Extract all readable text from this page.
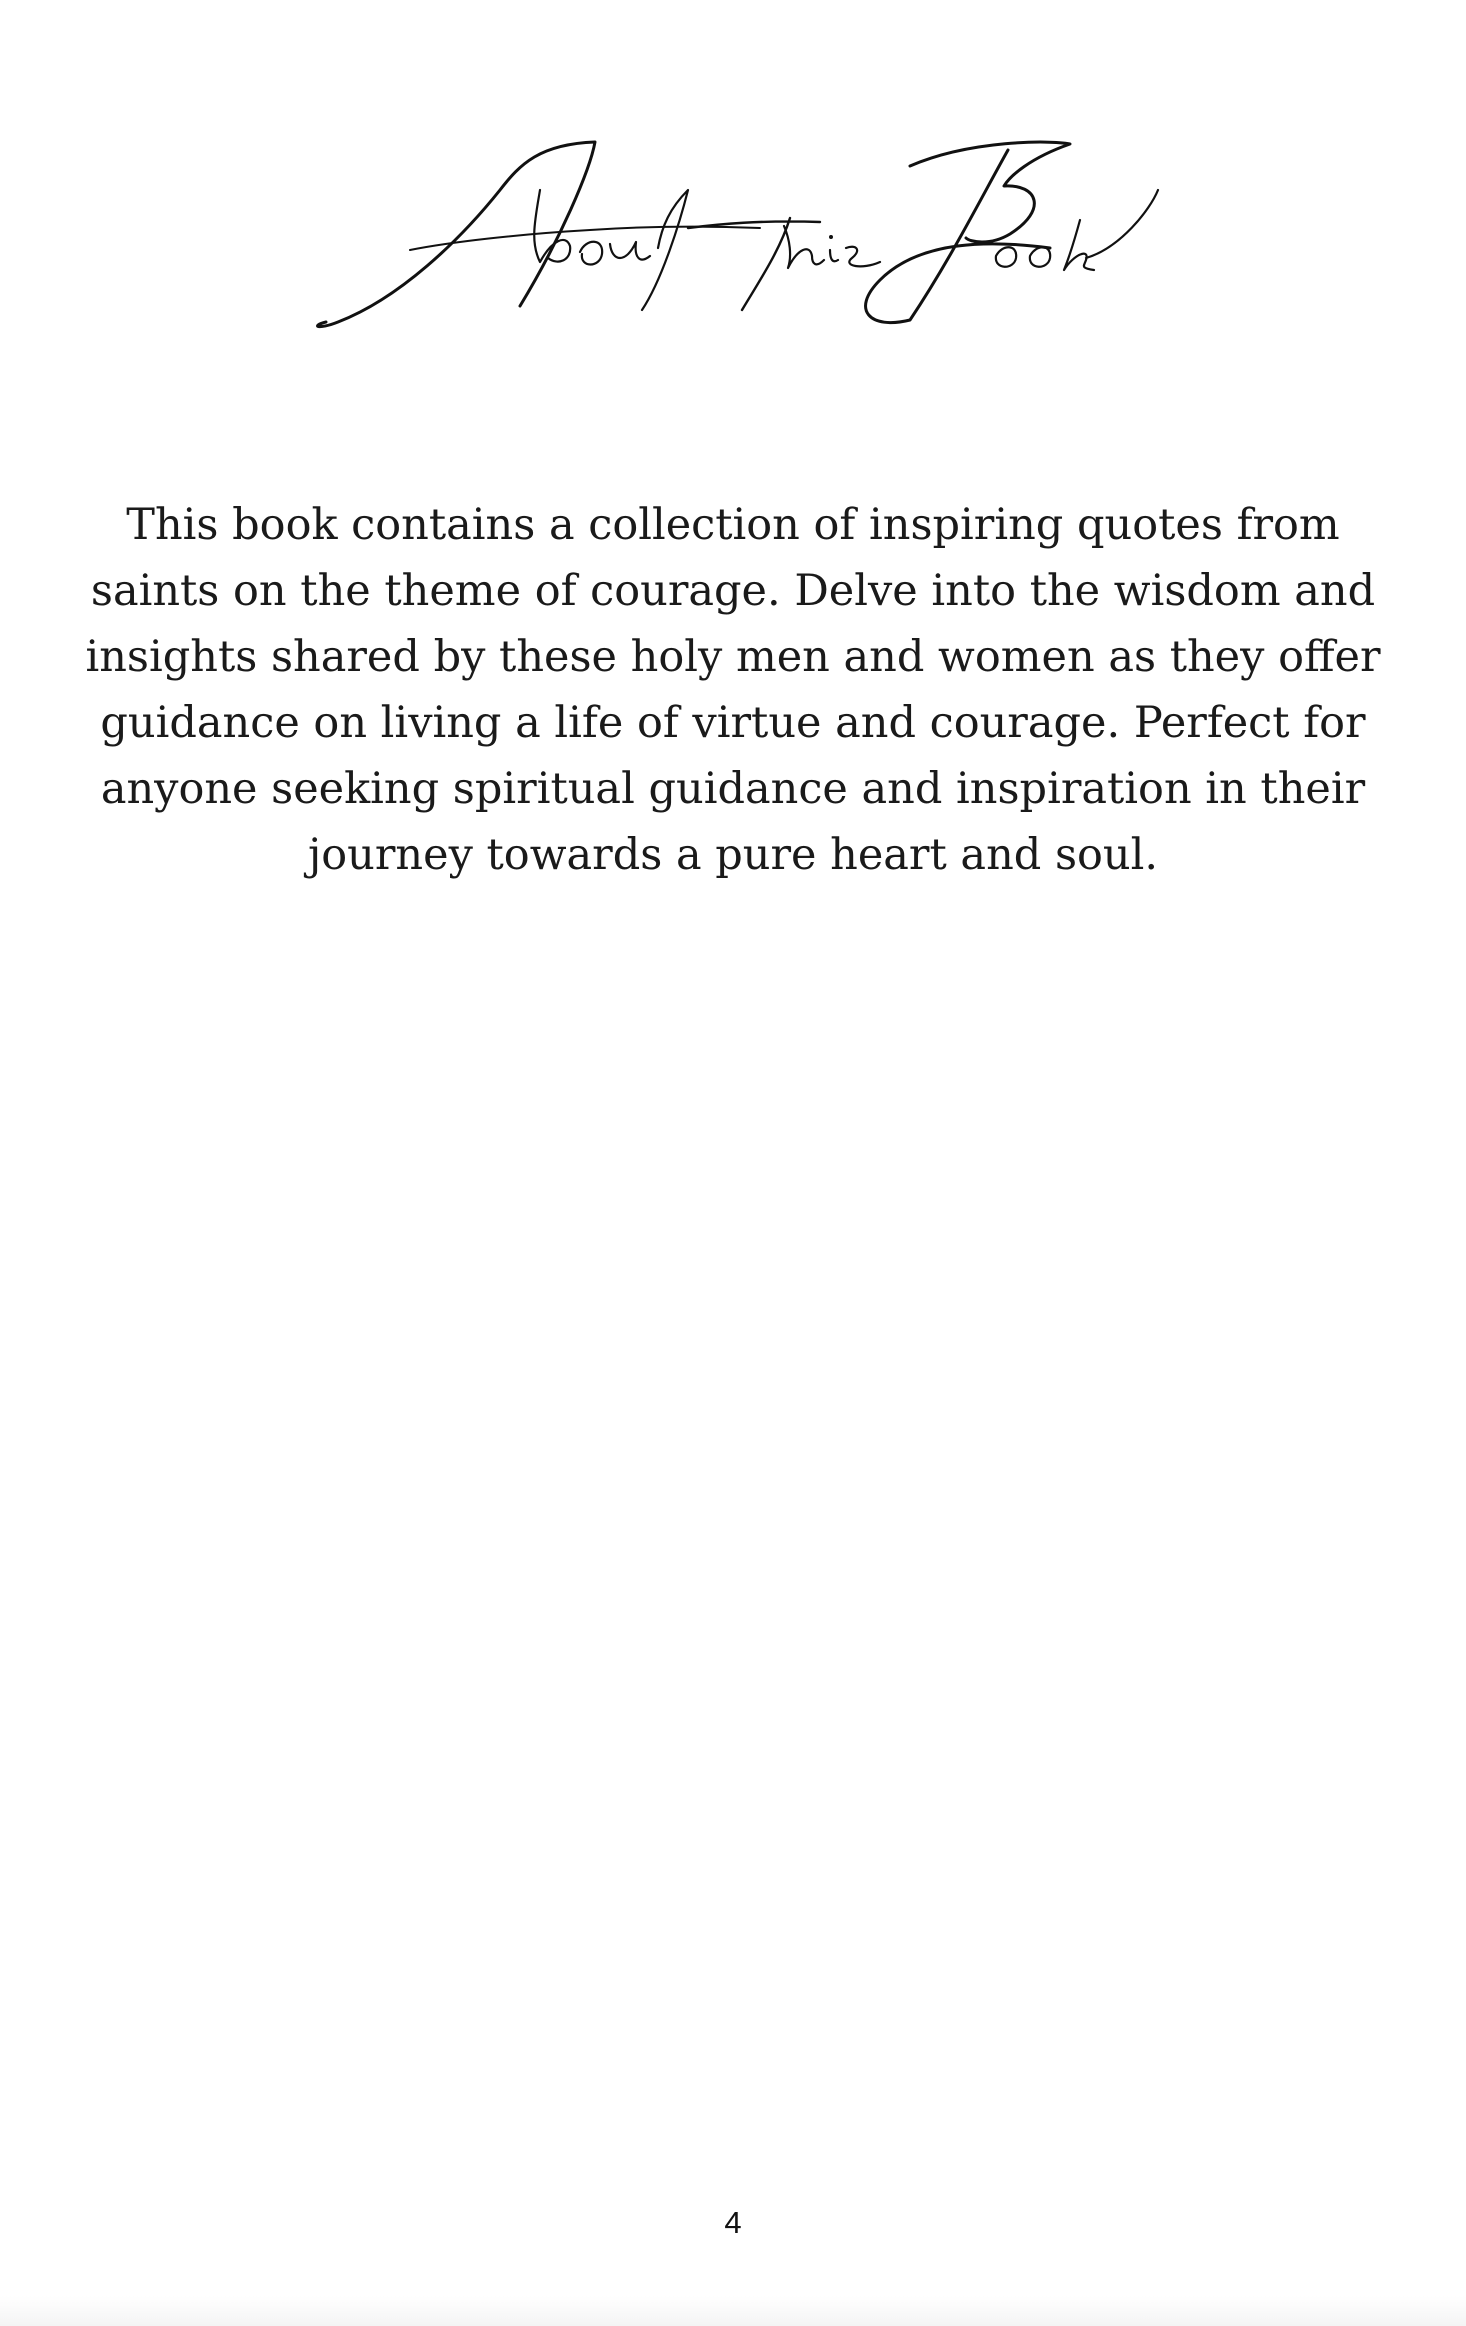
This book contains a collection of inspiring quotes from saints on the theme of courage. Delve into the wisdom and insights shared by these holy men and women as they offer guidance on living a life of virtue and courage. Perfect for anyone seeking spiritual guidance and inspiration in their journey towards a pure heart and soul.

4
